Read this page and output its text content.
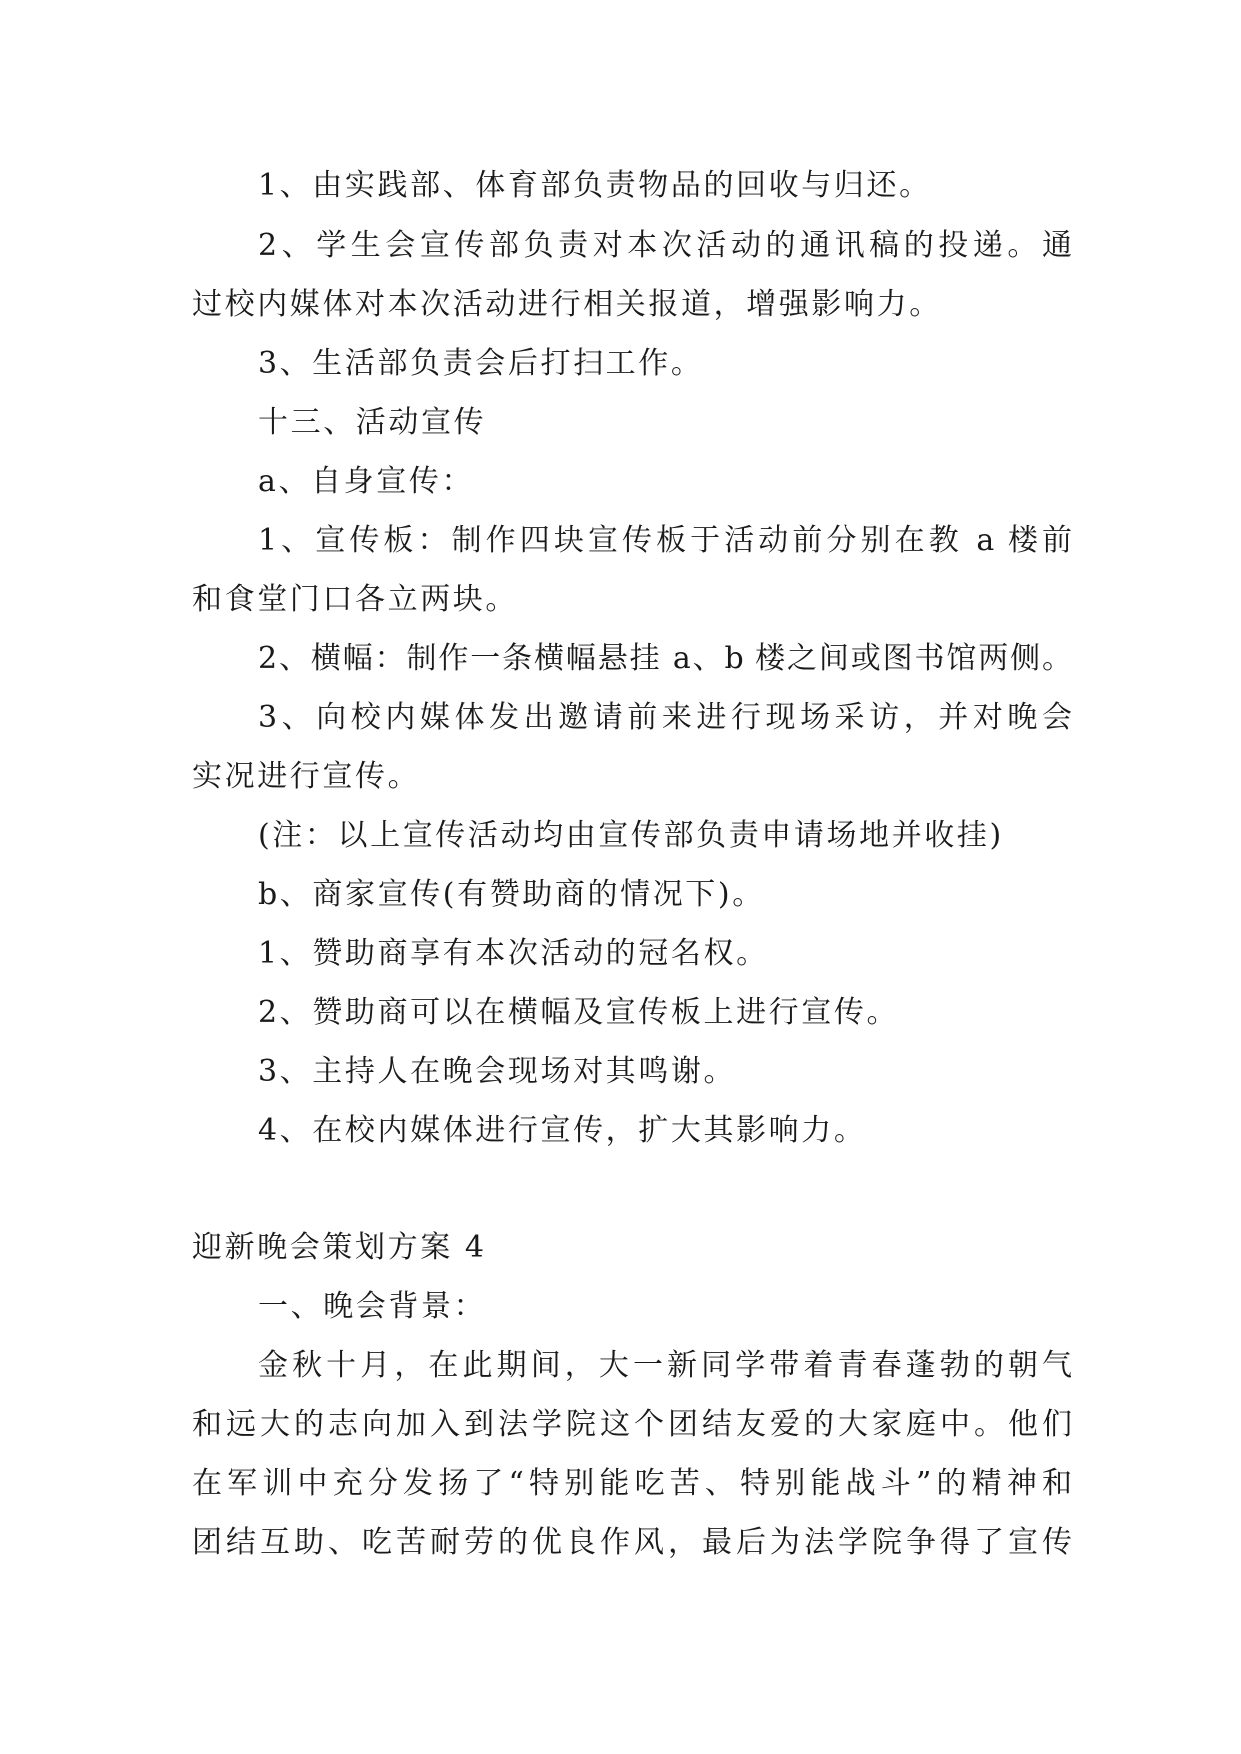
1、由实践部、体育部负责物品的回收与归还。
2、学生会宣传部负责对本次活动的通讯稿的投递。通
过校内媒体对本次活动进行相关报道，增强影响力。
3、生活部负责会后打扫工作。
十三、活动宣传
a、自身宣传：
1、宣传板：制作四块宣传板于活动前分别在教 a 楼前
和食堂门口各立两块。
2、横幅：制作一条横幅悬挂 a、b 楼之间或图书馆两侧。
3、向校内媒体发出邀请前来进行现场采访，并对晚会
实况进行宣传。
(注：以上宣传活动均由宣传部负责申请场地并收挂)
b、商家宣传(有赞助商的情况下)。
1、赞助商享有本次活动的冠名权。
2、赞助商可以在横幅及宣传板上进行宣传。
3、主持人在晚会现场对其鸣谢。
4、在校内媒体进行宣传，扩大其影响力。
迎新晚会策划方案 4
一、晚会背景：
金秋十月，在此期间，大一新同学带着青春蓬勃的朝气
和远大的志向加入到法学院这个团结友爱的大家庭中。他们
在军训中充分发扬了“特别能吃苦、特别能战斗”的精神和
团结互助、吃苦耐劳的优良作风，最后为法学院争得了宣传
